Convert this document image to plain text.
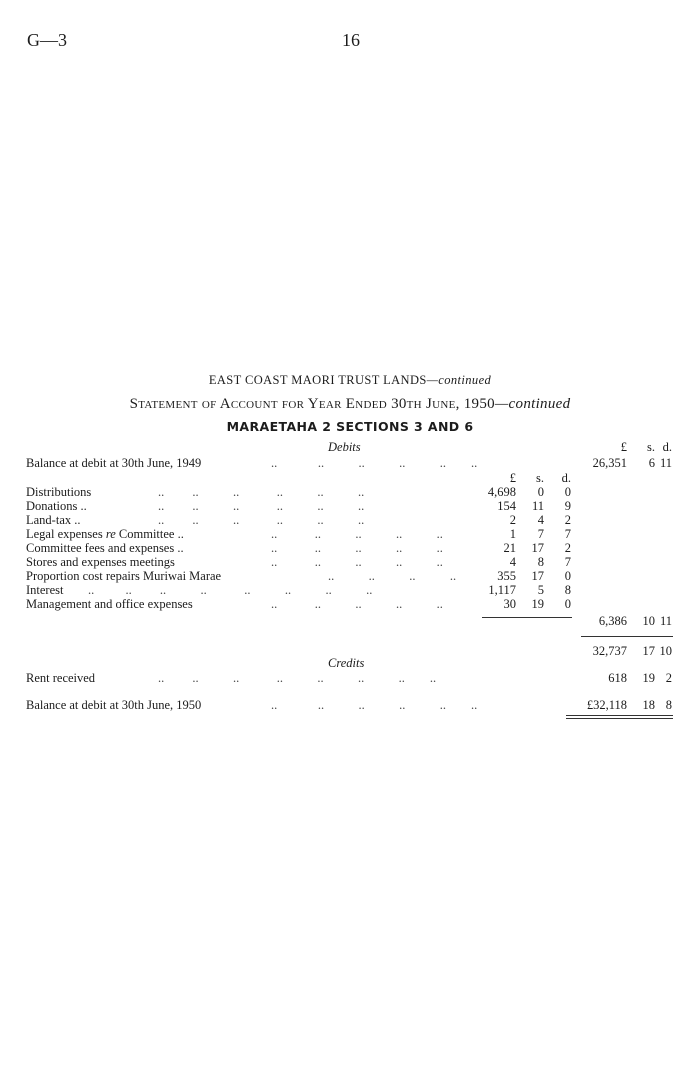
G—3	16
EAST COAST MAORI TRUST LANDS—continued
Statement of Account for Year Ended 30th June, 1950—continued
MARAETAHA 2 SECTIONS 3 AND 6
Debits	£	s. d.
Balance at debit at 30th June, 1949	..             ..           ..           ..           ..        ..	26,351	6 11
£	s.	d.
Distributions	..         ..           ..            ..           ..           ..	4,698	0	0
Donations ..	..         ..           ..            ..           ..           ..	154	11	9
Land-tax ..	..         ..           ..            ..           ..           ..	2	4	2
Legal expenses re Committee ..	..            ..           ..           ..           ..	1	7	7
Committee fees and expenses ..	..            ..           ..           ..           ..	21	17	2
Stores and expenses meetings	..            ..           ..           ..           ..	4	8	7
Proportion cost repairs Muriwai Marae	..           ..           ..           ..	355	17	0
Interest ..          ..         ..           ..            ..           ..           ..           ..	1,117	5	8
Management and office expenses	..            ..           ..           ..           ..	30	19	0
6,386	10 11
32,737	17 10
Credits
Rent received	..         ..           ..            ..           ..           ..           ..        ..	618	19 2
Balance at debit at 30th June, 1950	..             ..           ..           ..           ..        ..	£32,118	18 8
